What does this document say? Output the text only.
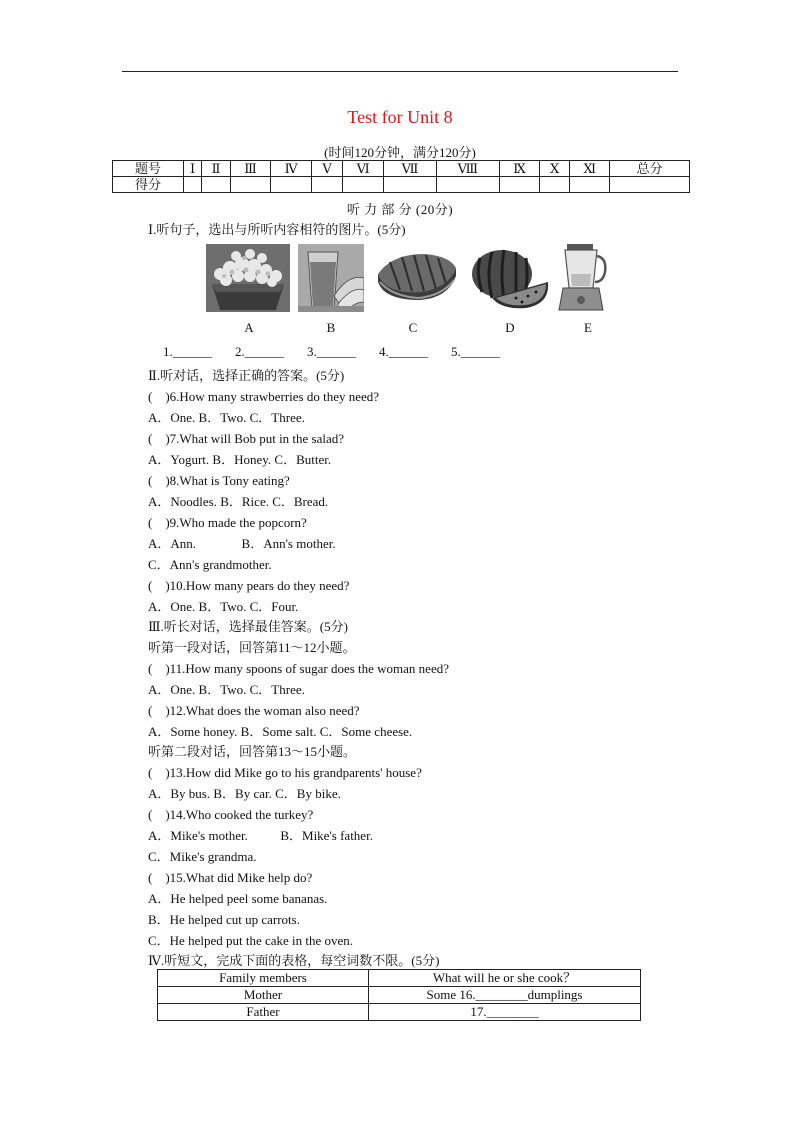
Test for Unit 8
(时间120分钟，满分120分)
题号	Ⅰ	Ⅱ	Ⅲ	Ⅳ	Ⅴ	Ⅵ	Ⅶ	Ⅷ	Ⅸ	Ⅹ	Ⅺ	总分
得分												
听 力 部 分 (20分)
Ⅰ.听句子，选出与所听内容相符的图片。(5分)
A	B	C	D	E
1.______ 2.______ 3.______ 4.______ 5.______
Ⅱ.听对话，选择正确的答案。(5分)
(　)6.How many strawberries do they need?
A．One. B．Two. C．Three.
(　)7.What will Bob put in the salad?
A．Yogurt. B．Honey. C．Butter.
(　)8.What is Tony eating?
A．Noodles. B．Rice. C．Bread.
(　)9.Who made the popcorn?
A．Ann.              B．Ann's mother.
C．Ann's grandmother.
(　)10.How many pears do they need?
A．One. B．Two. C．Four.
Ⅲ.听长对话，选择最佳答案。(5分)
听第一段对话，回答第11～12小题。
(　)11.How many spoons of sugar does the woman need?
A．One. B．Two. C．Three.
(　)12.What does the woman also need?
A．Some honey. B．Some salt. C．Some cheese.
听第二段对话，回答第13～15小题。
(　)13.How did Mike go to his grandparents' house?
A．By bus. B．By car. C．By bike.
(　)14.Who cooked the turkey?
A．Mike's mother.          B．Mike's father.
C．Mike's grandma.
(　)15.What did Mike help do?
A．He helped peel some bananas.
B．He helped cut up carrots.
C．He helped put the cake in the oven.
Ⅳ.听短文，完成下面的表格，每空词数不限。(5分)
Family members	What will he or she cook？
Mother	Some 16.________dumplings
Father	17.________
